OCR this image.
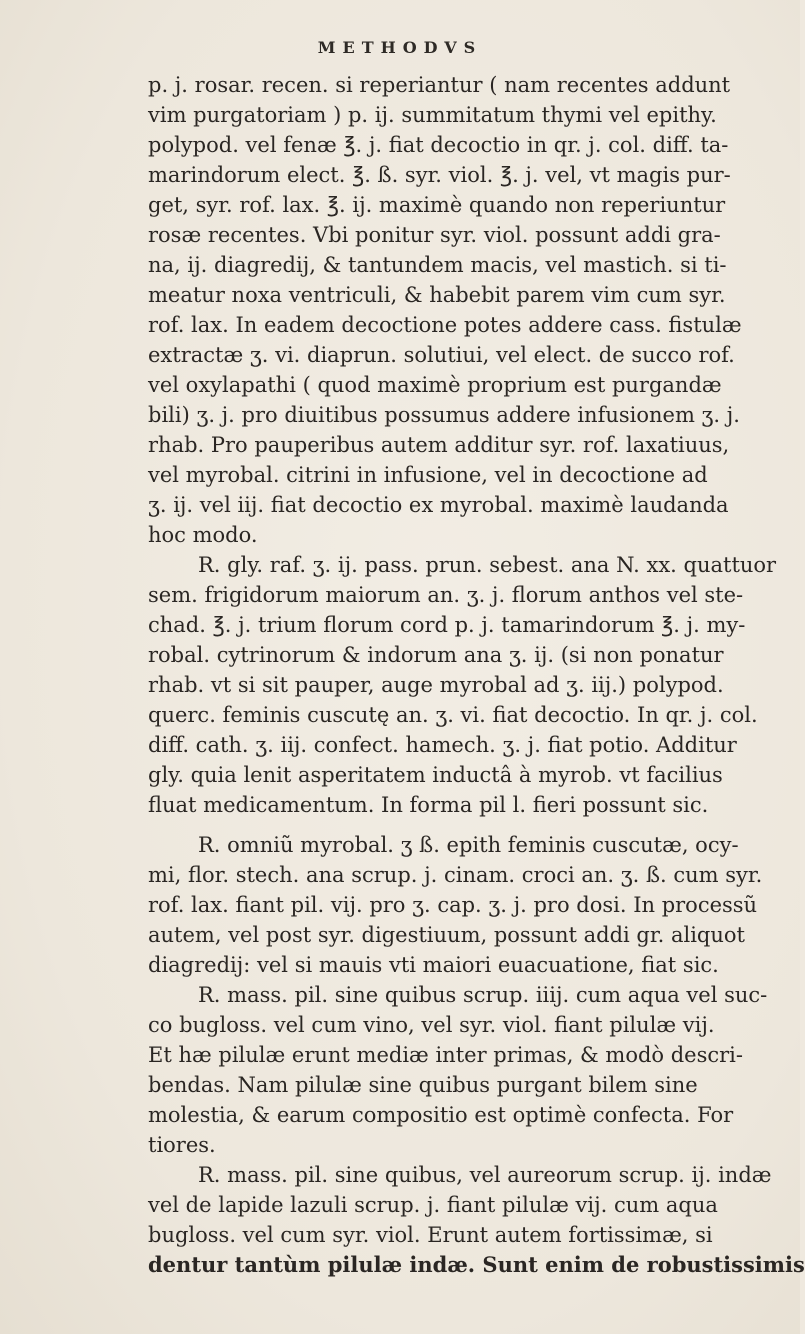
METHODVS
p. j. rosar. recen. si reperiantur ( nam recentes addunt
vim purgatoriam ) p. ij. summitatum thymi vel epithy.
polypod. vel fenæ ℥. j. fiat decoctio in qr. j. col. diff. ta-
marindorum elect. ℥. ß. syr. viol. ℥. j. vel, vt magis pur-
get, syr. rof. lax. ℥. ij. maximè quando non reperiuntur
rosæ recentes. Vbi ponitur syr. viol. possunt addi gra-
na, ij. diagredij, & tantundem macis, vel mastich. si ti-
meatur noxa ventriculi, & habebit parem vim cum syr.
rof. lax. In eadem decoctione potes addere cass. fistulæ
extractæ ʒ. vi. diaprun. solutiui, vel elect. de succo rof.
vel oxylapathi ( quod maximè proprium est purgandæ
bili) ʒ. j. pro diuitibus possumus addere infusionem ʒ. j.
rhab. Pro pauperibus autem additur syr. rof. laxatiuus,
vel myrobal. citrini in infusione, vel in decoctione ad
ʒ. ij. vel iij. fiat decoctio ex myrobal. maximè laudanda
hoc modo.
R. gly. raf. ʒ. ij. pass. prun. sebest. ana N. xx. quattuor
sem. frigidorum maiorum an. ʒ. j. florum anthos vel ste-
chad. ℥. j. trium florum cord p. j. tamarindorum ℥. j. my-
robal. cytrinorum & indorum ana ʒ. ij. (si non ponatur
rhab. vt si sit pauper, auge myrobal ad ʒ. iij.) polypod.
querc. feminis cuscutę an. ʒ. vi. fiat decoctio. In qr. j. col.
diff. cath. ʒ. iij. confect. hamech. ʒ. j. fiat potio. Additur
gly. quia lenit asperitatem inductâ à myrob. vt facilius
fluat medicamentum. In forma pil l. fieri possunt sic.
R. omniũ myrobal. ʒ ß. epith feminis cuscutæ, ocy-
mi, flor. stech. ana scrup. j. cinam. croci an. ʒ. ß. cum syr.
rof. lax. fiant pil. vij. pro ʒ. cap. ʒ. j. pro dosi. In processũ
autem, vel post syr. digestiuum, possunt addi gr. aliquot
diagredij: vel si mauis vti maiori euacuatione, fiat sic.
R. mass. pil. sine quibus scrup. iiij. cum aqua vel suc-
co bugloss. vel cum vino, vel syr. viol. fiant pilulæ vij.
Et hæ pilulæ erunt mediæ inter primas, & modò descri-
bendas. Nam pilulæ sine quibus purgant bilem sine
molestia, & earum compositio est optimè confecta. For
tiores.
R. mass. pil. sine quibus, vel aureorum scrup. ij. indæ
vel de lapide lazuli scrup. j. fiant pilulæ vij. cum aqua
bugloss. vel cum syr. viol. Erunt autem fortissimæ, si
dentur tantùm pilulæ indæ. Sunt enim de robustissimis
